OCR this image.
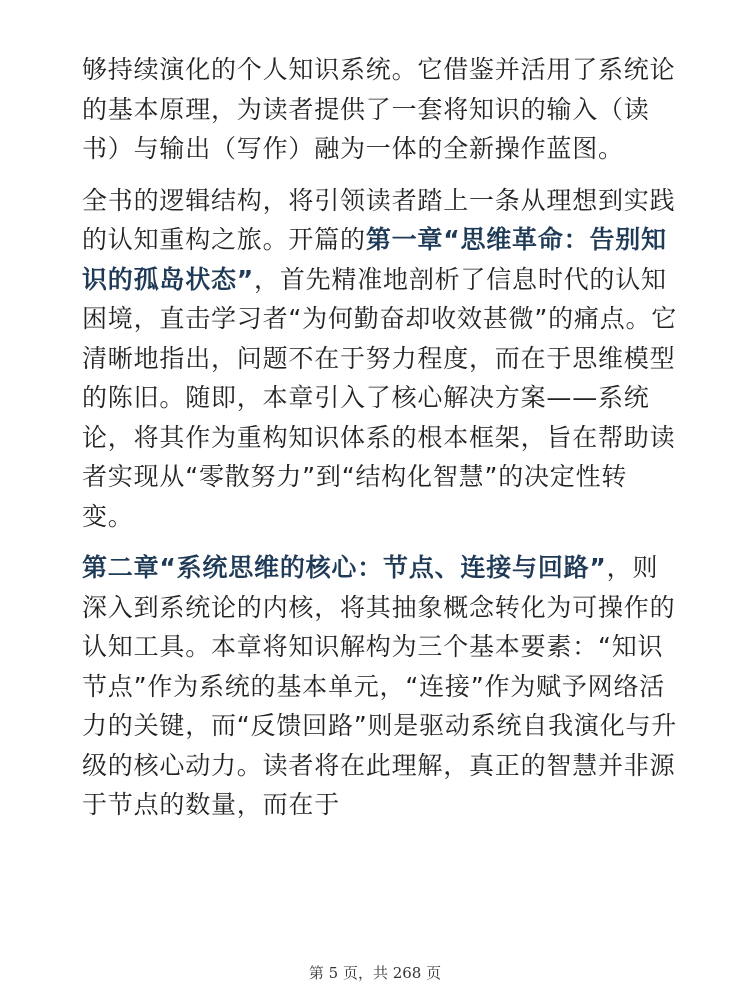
够持续演化的个人知识系统。它借鉴并活用了系统论的基本原理，为读者提供了一套将知识的输入（读书）与输出（写作）融为一体的全新操作蓝图。

全书的逻辑结构，将引领读者踏上一条从理想到实践的认知重构之旅。开篇的第一章“思维革命：告别知识的孤岛状态”，首先精准地剖析了信息时代的认知困境，直击学习者“为何勤奋却收效甚微”的痛点。它清晰地指出，问题不在于努力程度，而在于思维模型的陈旧。随即，本章引入了核心解决方案——系统论，将其作为重构知识体系的根本框架，旨在帮助读者实现从“零散努力”到“结构化智慧”的决定性转变。

第二章“系统思维的核心：节点、连接与回路”，则深入到系统论的内核，将其抽象概念转化为可操作的认知工具。本章将知识解构为三个基本要素：“知识节点”作为系统的基本单元，“连接”作为赋予网络活力的关键，而“反馈回路”则是驱动系统自我演化与升级的核心动力。读者将在此理解，真正的智慧并非源于节点的数量，而在于

第 5 页，共 268 页
